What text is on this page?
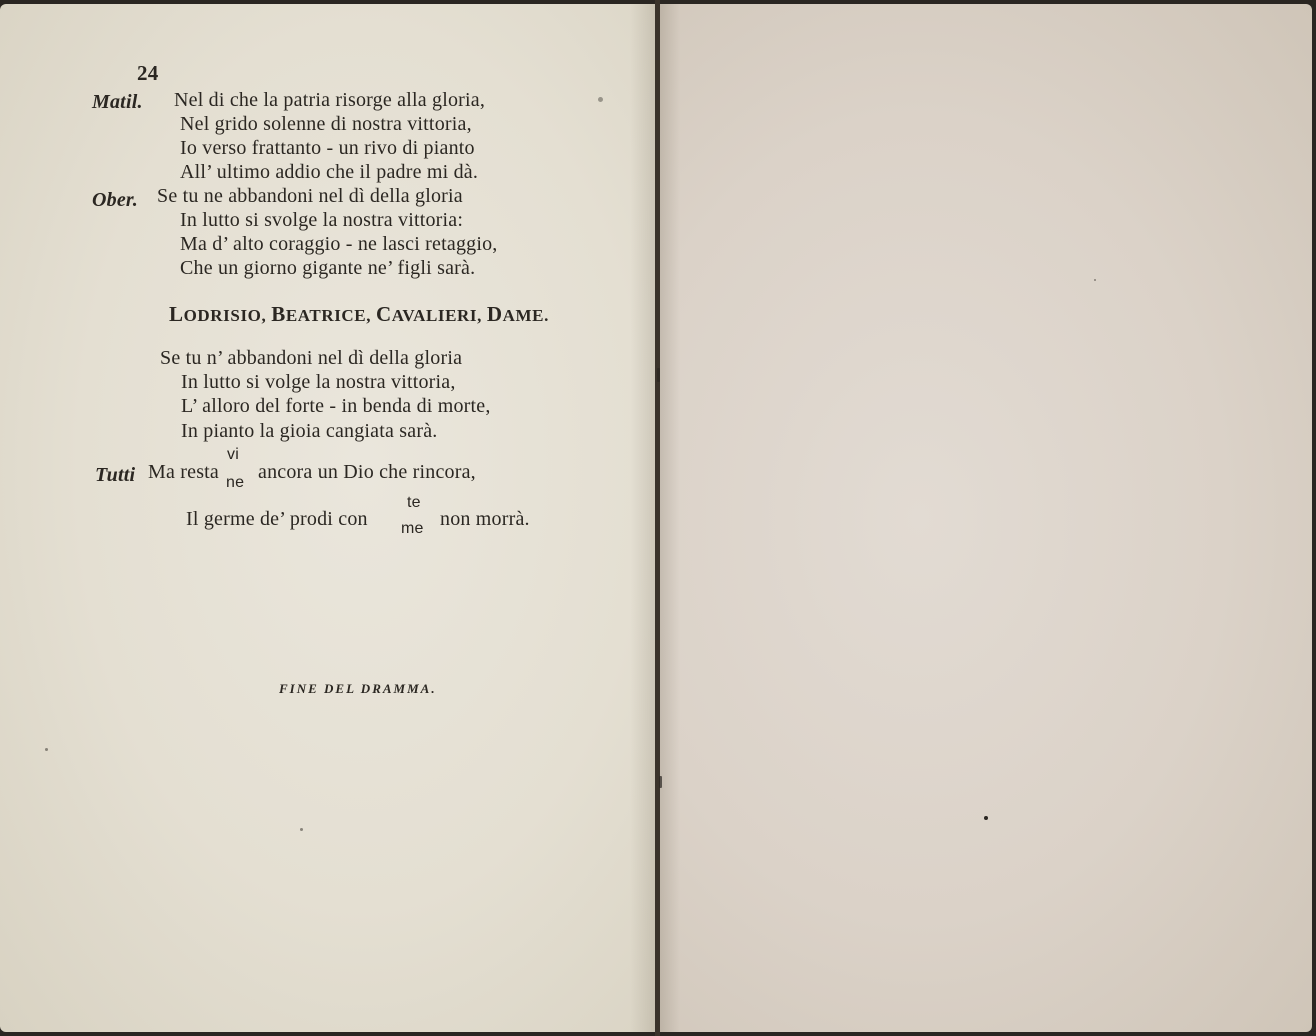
24
Matil. Nel di che la patria risorge alla gloria,
Nel grido solenne di nostra vittoria,
Io verso frattanto - un rivo di pianto
All’ ultimo addio che il padre mi dà.
Ober. Se tu ne abbandoni nel dì della gloria
In lutto si svolge la nostra vittoria:
Ma d’ alto coraggio - ne lasci retaggio,
Che un giorno gigante ne’ figli sarà.
LODRISIO, BEATRICE, CAVALIERI, DAME.
Se tu n’ abbandoni nel dì della gloria
In lutto si volge la nostra vittoria,
L’ alloro del forte - in benda di morte,
In pianto la gioia cangiata sarà.
Tutti Ma resta
vi
ne ancora un Dio che rincora,
Il germe de’ prodi con
te
me non morrà.
FINE DEL DRAMMA.
